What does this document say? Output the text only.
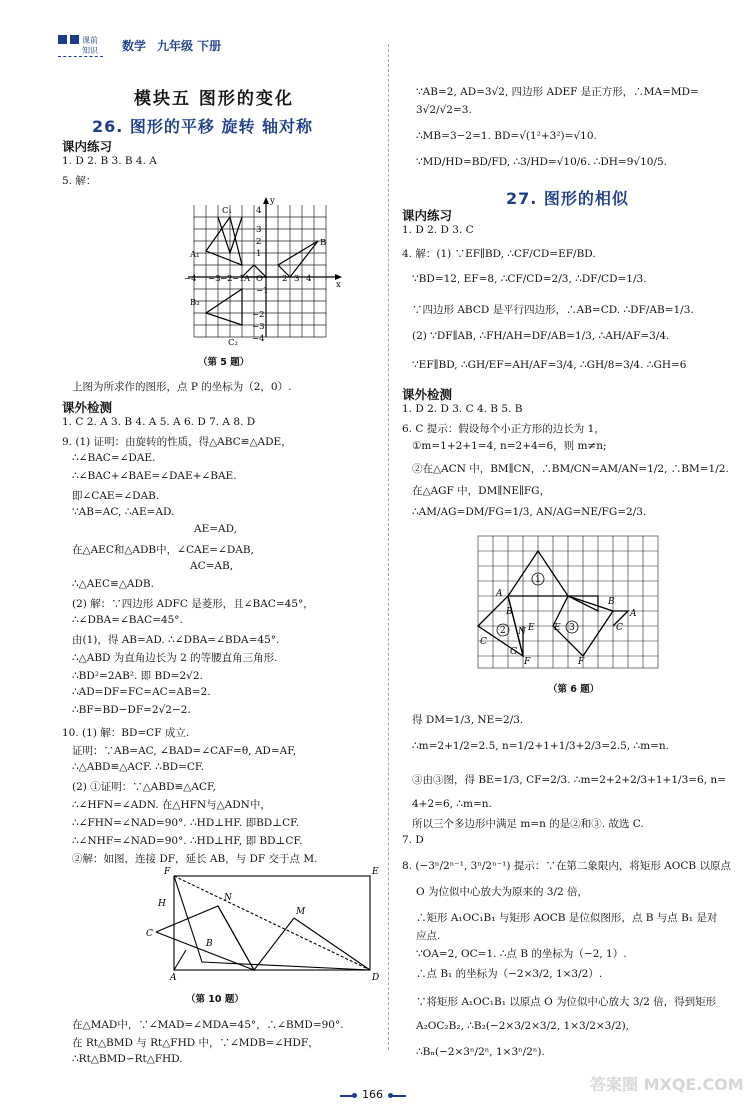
课前
知识 数学 九年级 下册
模块五 图形的变化

26. 图形的平移 旋转 轴对称

课内练习
1. D 2. B 3. B 4. A
5. 解：
y
x
C₁	4
3
2
1
A₁
B
−4 −3 −2 −1 A O 2 3 4
−1
B₂
−2
−3
C₂ −4
（第 5 题）
上图为所求作的图形，点 P 的坐标为（2，0）.
课外检测
1. C 2. A 3. B 4. A 5. A 6. D 7. A 8. D
9. (1) 证明：由旋转的性质，得△ABC≌△ADE，
∴∠BAC=∠DAE.
∴∠BAC+∠BAE=∠DAE+∠BAE.
即∠CAE=∠DAB.
∵AB=AC, ∴AE=AD.
AE=AD,
在△AEC和△ADB中，∠CAE=∠DAB,
AC=AB,
∴△AEC≌△ADB.
(2) 解：∵四边形 ADFC 是菱形，且∠BAC=45°，
∴∠DBA=∠BAC=45°.
由(1)，得 AB=AD. ∴∠DBA=∠BDA=45°.
∴△ABD 为直角边长为 2 的等腰直角三角形.
∴BD²=2AB². 即 BD=2√2.
∴AD=DF=FC=AC=AB=2.
∴BF=BD−DF=2√2−2.
10. (1) 解：BD=CF 成立.
证明：∵AB=AC, ∠BAD=∠CAF=θ, AD=AF,
∴△ABD≌△ACF. ∴BD=CF.
(2) ①证明：∵△ABD≌△ACF,
∴∠HFN=∠ADN. 在△HFN与△ADN中，
∴∠FHN=∠NAD=90°. ∴HD⊥HF. 即BD⊥CF.
∴∠NHF=∠NAD=90°. ∴HD⊥HF, 即 BD⊥CF.
②解：如图，连接 DF，延长 AB，与 DF 交于点 M.
F	E
H
N
M
C
B
A	D
（第 10 题）
在△MAD中，∵∠MAD=∠MDA=45°，∴∠BMD=90°.
在 Rt△BMD 与 Rt△FHD 中，∵∠MDB=∠HDF，
∴Rt△BMD∽Rt△FHD.
∵AB=2, AD=3√2, 四边形 ADEF 是正方形，∴MA=MD=
3√2/√2=3.
∴MB=3−2=1. BD=√(1²+3²)=√10.
∵MD/HD=BD/FD, ∴3/HD=√10/6. ∴DH=9√10/5.

27. 图形的相似

课内练习
1. D 2. D 3. C
4. 解：(1) ∵EF∥BD, ∴CF/CD=EF/BD.
∵BD=12, EF=8, ∴CF/CD=2/3, ∴DF/CD=1/3.
∵四边形 ABCD 是平行四边形，∴AB=CD. ∴DF/AB=1/3.
(2) ∵DF∥AB, ∴FH/AH=DF/AB=1/3, ∴AH/AF=3/4.
∵EF∥BD, ∴GH/EF=AH/AF=3/4, ∴GH/8=3/4. ∴GH=6
课外检测
1. D 2. D 3. C 4. B 5. B
6. C 提示：假设每个小正方形的边长为 1，
①m=1+2+1=4, n=2+4=6，则 m≠n;
②在△ACN 中，BM∥CN，∴BM/CN=AM/AN=1/2, ∴BM=1/2.
在△AGF 中，DM∥NE∥FG，
∴AM/AG=DM/FG=1/3, AN/AG=NE/FG=2/3.
1
2	3
A
B
C
N E
G
F
A
B
C
E
F
（第 6 题）
得 DM=1/3, NE=2/3.
∴m=2+1/2=2.5, n=1/2+1+1/3+2/3=2.5, ∴m=n.
③由③图，得 BE=1/3, CF=2/3. ∴m=2+2+2/3+1+1/3=6, n=
4+2=6, ∴m=n.
所以三个多边形中满足 m=n 的是②和③. 故选 C.
7. D
8. (−3ⁿ/2ⁿ⁻¹, 3ⁿ/2ⁿ⁻¹) 提示：∵在第二象限内，将矩形 AOCB 以原点
O 为位似中心放大为原来的 3/2 倍，
∴矩形 A₁OC₁B₁ 与矩形 AOCB 是位似图形，点 B 与点 B₁ 是对
应点.
∵OA=2, OC=1. ∴点 B 的坐标为（−2, 1）.
∴点 B₁ 的坐标为（−2×3/2, 1×3/2）.
∵将矩形 A₁OC₁B₁ 以原点 O 为位似中心放大 3/2 倍，得到矩形
A₂OC₂B₂, ∴B₂(−2×3/2×3/2, 1×3/2×3/2),
∴Bₙ(−2×3ⁿ/2ⁿ, 1×3ⁿ/2ⁿ).
答案圈 MXQE.COM
166
